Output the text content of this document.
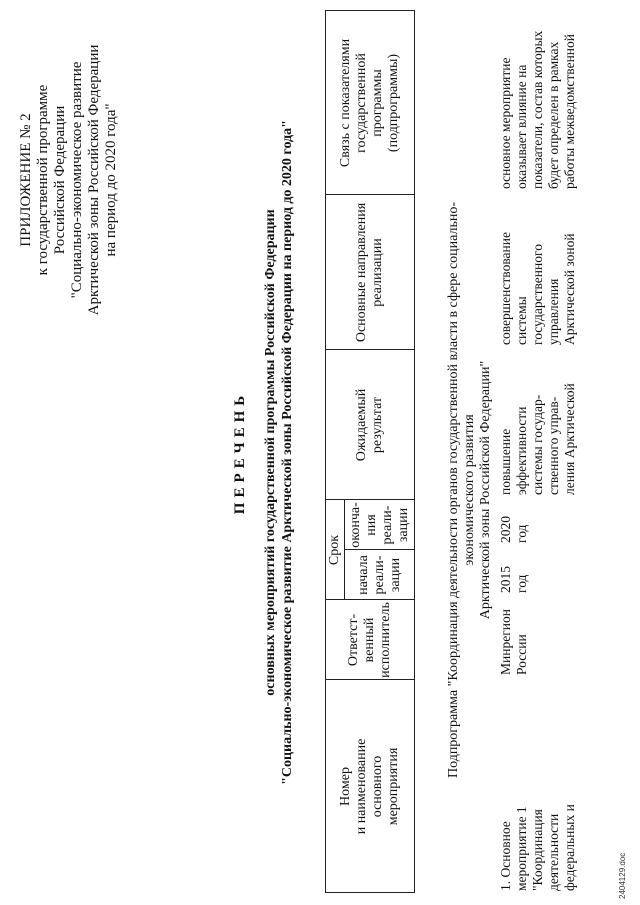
ПРИЛОЖЕНИЕ № 2 к государственной программе Российской Федерации "Социально-экономическое развитие Арктической зоны Российской Федерации на период до 2020 года"
ПЕРЕЧЕНЬ основных мероприятий государственной программы Российской Федерации "Социально-экономическое развитие Арктической зоны Российской Федерации на период до 2020 года"
Номер и наименование основного мероприятия
Ответст- венный исполнитель
Срок
начала реали- зации
оконча- ния реали- зации
Ожидаемый результат
Основные направления реализации
Связь с показателями государственной программы (подпрограммы)
Подпрограмма "Координация деятельности органов государственной власти в сфере социально-экономического развития Арктической зоны Российской Федерации"
1. Основное мероприятие 1 "Координация деятельности федеральных и
Минрегион России
2015 год
2020 год
повышение эффективности системы государ- ственного управ- ления Арктической
совершенствование системы государственного управления Арктической зоной
основное мероприятие оказывает влияние на показатели, состав которых будет определен в рамках работы межведомственной
2404129.doc
